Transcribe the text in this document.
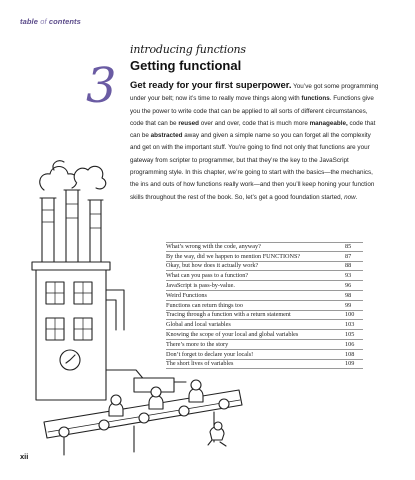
table of contents
3
introducing functions
Getting functional
Get ready for your first superpower. You’ve got some programming under your belt; now it’s time to really move things along with functions. Functions give you the power to write code that can be applied to all sorts of different circumstances, code that can be reused over and over, code that is much more manageable, code that can be abstracted away and given a simple name so you can forget all the complexity and get on with the important stuff. You’re going to find not only that functions are your gateway from scripter to programmer, but that they’re the key to the JavaScript programming style. In this chapter, we’re going to start with the basics—the mechanics, the ins and outs of how functions really work—and then you’ll keep honing your function skills throughout the rest of the book. So, let’s get a good foundation started, now.
What’s wrong with the code, anyway?	85
By the way, did we happen to mention FUNCTIONS?	87
Okay, but how does it actually work?	88
What can you pass to a function?	93
JavaScript is pass-by-value.	96
Weird Functions	98
Functions can return things too	99
Tracing through a function with a return statement	100
Global and local variables	103
Knowing the scope of your local and global variables	105
There’s more to the story	106
Don’t forget to declare your locals!	108
The short lives of variables	109
xii
